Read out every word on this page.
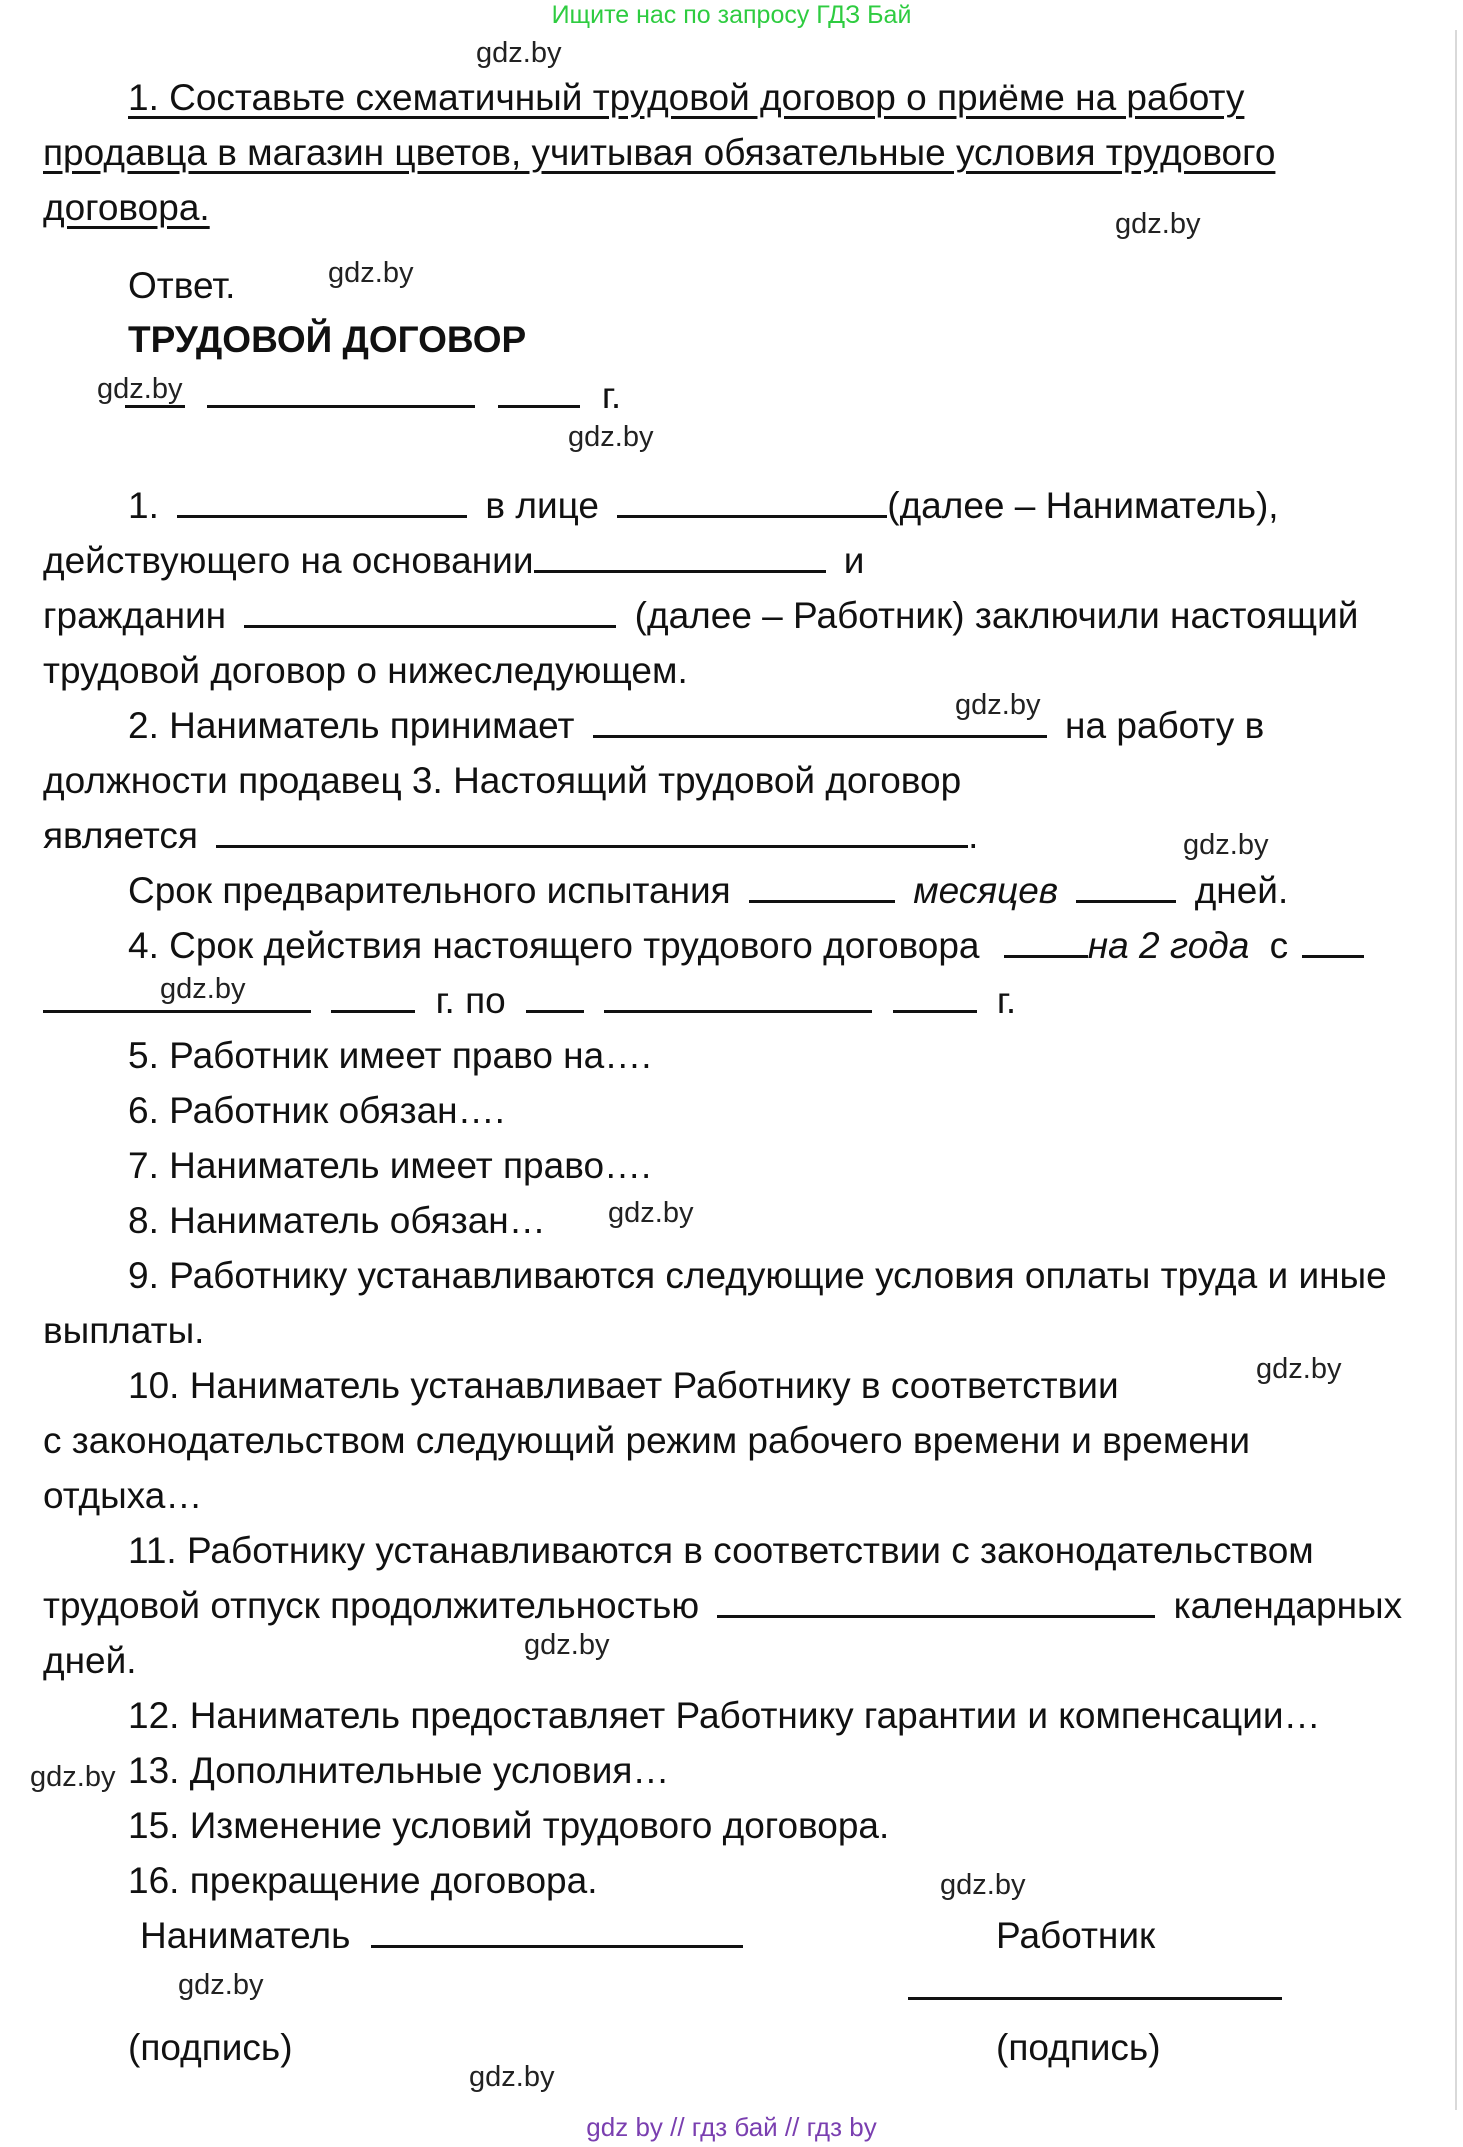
Ищите нас по запросу ГДЗ Бай
1. Составьте схематичный трудовой договор о приёме на работу
продавца в магазин цветов, учитывая обязательные условия трудового
договора.
Ответ.
ТРУДОВОЙ ДОГОВОР
г.
1.	в лице	(далее – Наниматель),
действующего на основании	и
гражданин	(далее – Работник) заключили настоящий
трудовой договор о нижеследующем.
2. Наниматель принимает	на работу в
должности продавец 3. Настоящий трудовой договор
является	.
Срок предварительного испытания	месяцев	дней.
4. Срок действия настоящего трудового договора	на 2 года с
г. по	г.
5. Работник имеет право на….
6. Работник обязан….
7. Наниматель имеет право….
8. Наниматель обязан…
9. Работнику устанавливаются следующие условия оплаты труда и иные
выплаты.
10. Наниматель устанавливает Работнику в соответствии
с законодательством следующий режим рабочего времени и времени
отдыха…
11. Работнику устанавливаются в соответствии с законодательством
трудовой отпуск продолжительностью	календарных
дней.
12. Наниматель предоставляет Работнику гарантии и компенсации…
13. Дополнительные условия…
15. Изменение условий трудового договора.
16. прекращение договора.
Наниматель	Работник
(подпись)	(подпись)
gdz.by
gdz.by
gdz.by
gdz.by
gdz.by
gdz.by
gdz.by
gdz.by
gdz.by
gdz.by
gdz.by
gdz.by
gdz.by
gdz.by
gdz.by
gdz by // гдз бай // гдз by
